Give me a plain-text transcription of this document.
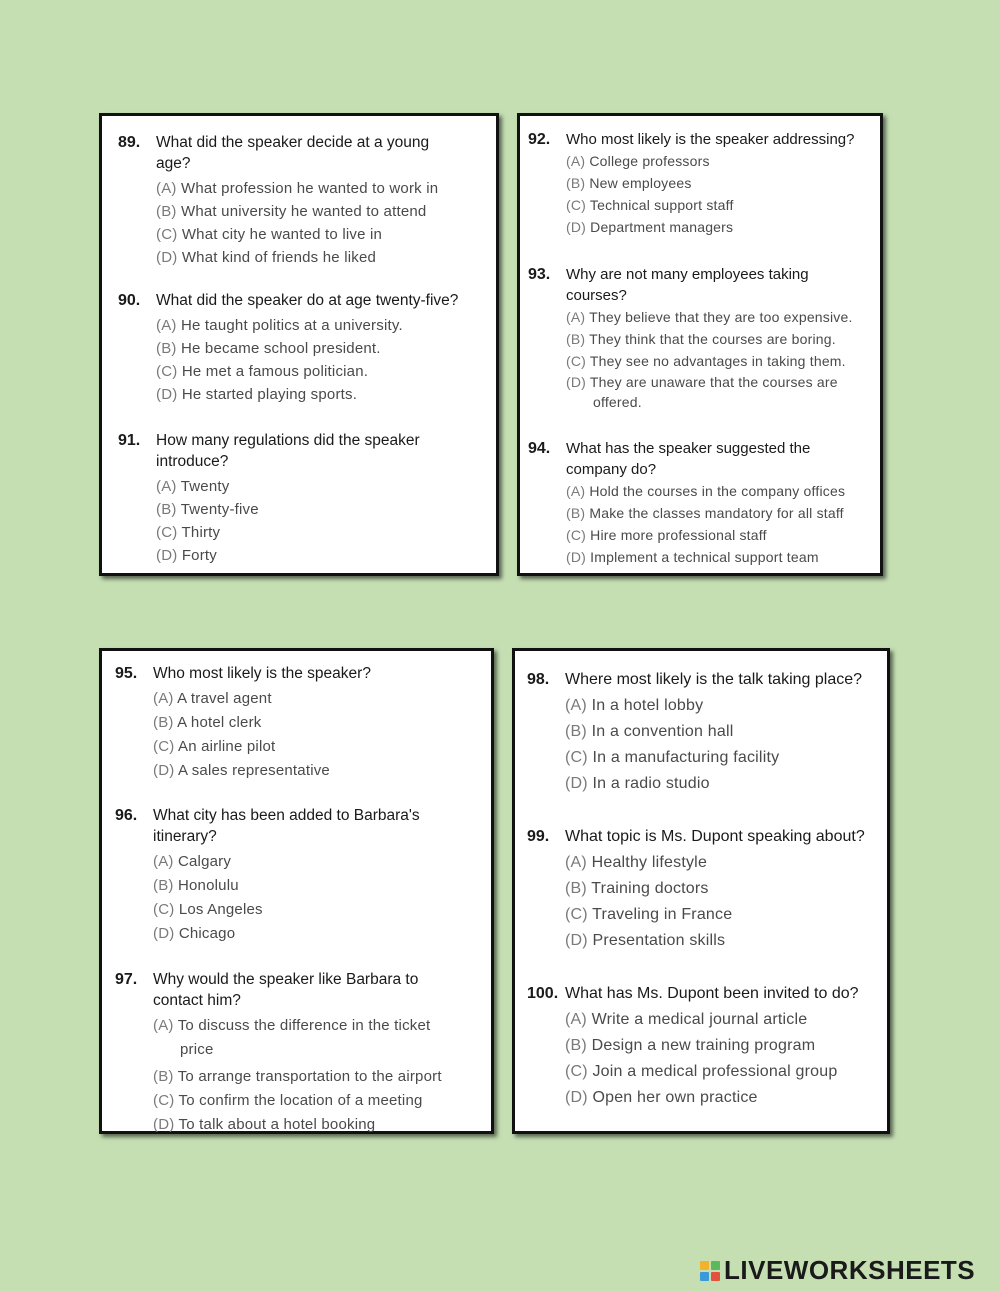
89.	What did the speaker decide at a young
age?
(A) What profession he wanted to work in
(B) What university he wanted to attend
(C) What city he wanted to live in
(D) What kind of friends he liked
90.	What did the speaker do at age twenty-five?
(A) He taught politics at a university.
(B) He became school president.
(C) He met a famous politician.
(D) He started playing sports.
91.	How many regulations did the speaker
introduce?
(A) Twenty
(B) Twenty-five
(C) Thirty
(D) Forty
92.	Who most likely is the speaker addressing?
(A) College professors
(B) New employees
(C) Technical support staff
(D) Department managers
93.	Why are not many employees taking
courses?
(A) They believe that they are too expensive.
(B) They think that the courses are boring.
(C) They see no advantages in taking them.
(D) They are unaware that the courses are
offered.
94.	What has the speaker suggested the
company do?
(A) Hold the courses in the company offices
(B) Make the classes mandatory for all staff
(C) Hire more professional staff
(D) Implement a technical support team
95.	Who most likely is the speaker?
(A) A travel agent
(B) A hotel clerk
(C) An airline pilot
(D) A sales representative
96.	What city has been added to Barbara's
itinerary?
(A) Calgary
(B) Honolulu
(C) Los Angeles
(D) Chicago
97.	Why would the speaker like Barbara to
contact him?
(A) To discuss the difference in the ticket
price
(B) To arrange transportation to the airport
(C) To confirm the location of a meeting
(D) To talk about a hotel booking
98. Where most likely is the talk taking place?
(A) In a hotel lobby
(B) In a convention hall
(C) In a manufacturing facility
(D) In a radio studio
99. What topic is Ms. Dupont speaking about?
(A) Healthy lifestyle
(B) Training doctors
(C) Traveling in France
(D) Presentation skills
100. What has Ms. Dupont been invited to do?
(A) Write a medical journal article
(B) Design a new training program
(C) Join a medical professional group
(D) Open her own practice
LIVEWORKSHEETS
